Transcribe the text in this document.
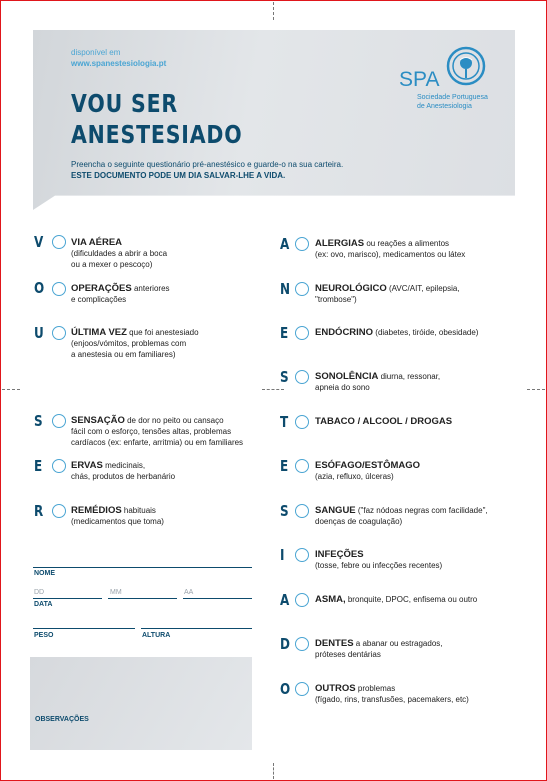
disponível em
www.spanestesiologia.pt
VOU SER
ANESTESIADO
Preencha o seguinte questionário pré-anestésico e guarde-o na sua carteira.
ESTE DOCUMENTO PODE UM DIA SALVAR-LHE A VIDA.
SPA
Sociedade Portuguesa
de Anestesiologia
V	VIA AÉREA
(dificuldades a abrir a boca
ou a mexer o pescoço)
O	OPERAÇÕES anteriores
e complicações
U	ÚLTIMA VEZ que foi anestesiado
(enjoos/vómitos, problemas com
a anestesia ou em familiares)
S	SENSAÇÃO de dor no peito ou cansaço
fácil com o esforço, tensões altas, problemas
cardíacos (ex: enfarte, arritmia) ou em familiares
E	ERVAS medicinais,
chás, produtos de herbanário
R	REMÉDIOS habituais
(medicamentos que toma)
NOME
DD	MM	AA
DATA
PESO	ALTURA
OBSERVAÇÕES
A	ALERGIAS ou reações a alimentos
(ex: ovo, marisco), medicamentos ou látex
N	NEUROLÓGICO (AVC/AIT, epilepsia,
"trombose")
E	ENDÓCRINO (diabetes, tiróide, obesidade)
S	SONOLÊNCIA diurna, ressonar,
apneia do sono
T	TABACO / ALCOOL / DROGAS
E	ESÓFAGO/ESTÔMAGO
(azia, refluxo, úlceras)
S	SANGUE ("faz nódoas negras com facilidade",
doenças de coagulação)
I	INFEÇÕES
(tosse, febre ou infecções recentes)
A	ASMA, bronquite, DPOC, enfisema ou outro
D	DENTES a abanar ou estragados,
próteses dentárias
O	OUTROS problemas
(fígado, rins, transfusões, pacemakers, etc)
